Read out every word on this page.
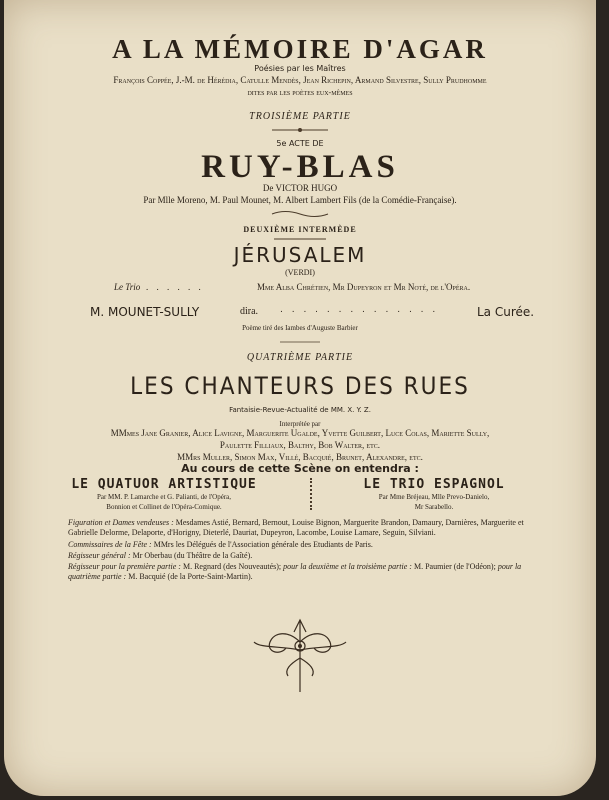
A LA MÉMOIRE D'AGAR
Poésies par les Maîtres
François Coppée, J.-M. de Hérédia, Catulle Mendès, Jean Richepin, Armand Silvestre, Sully Prudhomme
dites par les poètes eux-mêmes
TROISIÈME PARTIE
5e ACTE DE
RUY-BLAS
De VICTOR HUGO
Par Mlle Moreno, M. Paul Mounet, M. Albert Lambert Fils (de la Comédie-Française).
DEUXIÈME INTERMÈDE
JÉRUSALEM
(VERDI)
Le Trio . . . . . .	Mme Alba Chrétien, Mr Dupeyron et Mr Noté, de l'Opéra.
M. MOUNET-SULLY	dira. . . . . . . . . . . . . . .	La Curée.
Poème tiré des Iambes d'Auguste Barbier
QUATRIÈME PARTIE
LES CHANTEURS DES RUES
Fantaisie-Revue-Actualité de MM. X. Y. Z.
Interprétée par
MMmes Jane Granier, Alice Lavigne, Marguerite Ugalde, Yvette Guilbert, Luce Colas, Mariette Sully,
Paulette Filliaux, Balthy, Bob Walter, etc.
MMrs Muller, Simon Max, Villé, Bacquié, Brunet, Alexandre, etc.
Au cours de cette Scène on entendra :
LE QUATUOR ARTISTIQUE
Par MM. P. Lamarche et G. Palianti, de l'Opéra,
Bonnion et Collinet de l'Opéra-Comique.
LE TRIO ESPAGNOL
Par Mme Bréjeau, Mlle Prevo-Danielo,
Mr Sarabello.

Figuration et Dames vendeuses : Mesdames Astié, Bernard, Bernout, Louise Bignon, Marguerite Brandon, Damaury, Darnières, Marguerite et Gabrielle Delorme, Delaporte, d'Horigny, Dieterlé, Dauriat, Dupeyron, Lacombe, Louise Lamare, Seguin, Silviani.

Commissaires de la Fête : MMrs les Délégués de l'Association générale des Etudiants de Paris.

Régisseur général : Mr Oberbau (du Théâtre de la Gaîté).

Régisseur pour la première partie : M. Regnard (des Nouveautés); pour la deuxième et la troisième partie : M. Paumier (de l'Odéon); pour la quatrième partie : M. Bacquié (de la Porte-Saint-Martin).
